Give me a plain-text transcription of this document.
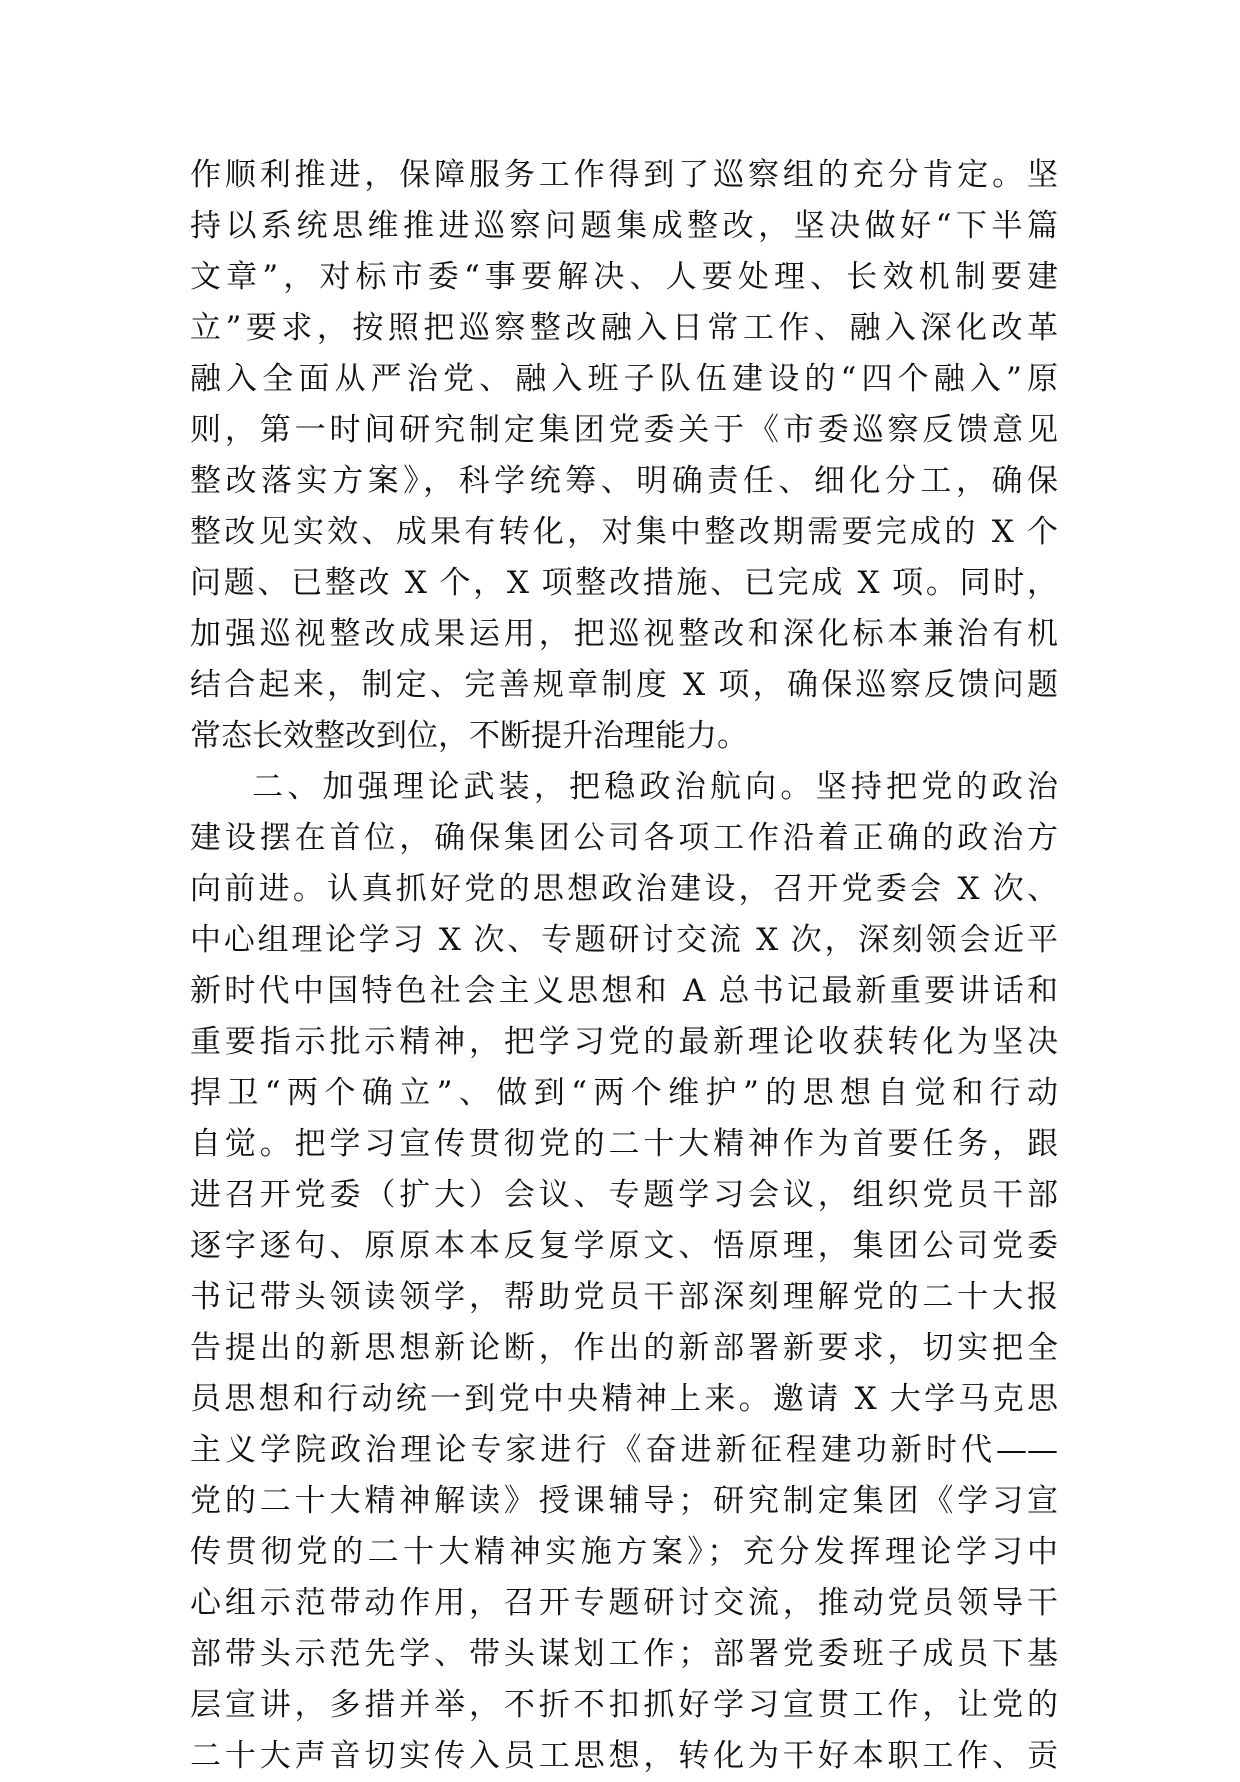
作顺利推进，保障服务工作得到了巡察组的充分肯定。坚
持以系统思维推进巡察问题集成整改，坚决做好“下半篇
文章”，对标市委“事要解决、人要处理、长效机制要建
立”要求，按照把巡察整改融入日常工作、融入深化改革
融入全面从严治党、融入班子队伍建设的“四个融入”原
则，第一时间研究制定集团党委关于《市委巡察反馈意见
整改落实方案》，科学统筹、明确责任、细化分工，确保
整改见实效、成果有转化，对集中整改期需要完成的 X 个
问题、已整改 X 个，X 项整改措施、已完成 X 项。同时，
加强巡视整改成果运用，把巡视整改和深化标本兼治有机
结合起来，制定、完善规章制度 X 项，确保巡察反馈问题
常态长效整改到位，不断提升治理能力。
二、加强理论武装，把稳政治航向。坚持把党的政治
建设摆在首位，确保集团公司各项工作沿着正确的政治方
向前进。认真抓好党的思想政治建设，召开党委会 X 次、
中心组理论学习 X 次、专题研讨交流 X 次，深刻领会近平
新时代中国特色社会主义思想和 A 总书记最新重要讲话和
重要指示批示精神，把学习党的最新理论收获转化为坚决
捍卫“两个确立”、做到“两个维护”的思想自觉和行动
自觉。把学习宣传贯彻党的二十大精神作为首要任务，跟
进召开党委（扩大）会议、专题学习会议，组织党员干部
逐字逐句、原原本本反复学原文、悟原理，集团公司党委
书记带头领读领学，帮助党员干部深刻理解党的二十大报
告提出的新思想新论断，作出的新部署新要求，切实把全
员思想和行动统一到党中央精神上来。邀请 X 大学马克思
主义学院政治理论专家进行《奋进新征程建功新时代——
党的二十大精神解读》授课辅导；研究制定集团《学习宣
传贯彻党的二十大精神实施方案》；充分发挥理论学习中
心组示范带动作用，召开专题研讨交流，推动党员领导干
部带头示范先学、带头谋划工作；部署党委班子成员下基
层宣讲，多措并举，不折不扣抓好学习宣贯工作，让党的
二十大声音切实传入员工思想，转化为干好本职工作、贡
